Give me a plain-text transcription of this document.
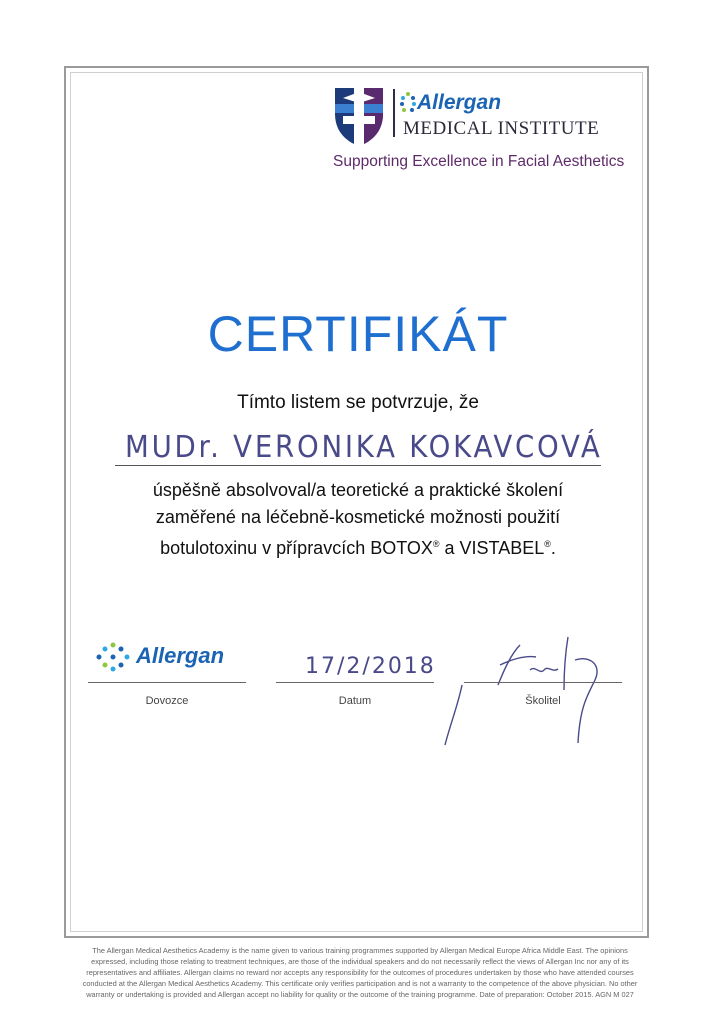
Allergan
MEDICAL INSTITUTE
Supporting Excellence in Facial Aesthetics
CERTIFIKÁT
Tímto listem se potvrzuje, že
MUDr. VERONIKA KOKAVCOVÁ
úspěšně absolvoval/a teoretické a praktické školení
zaměřené na léčebně-kosmetické možnosti použití
botulotoxinu v přípravcích BOTOX® a VISTABEL®.
Allergan
Dovozce
17/2/2018
Datum	Školitel
The Allergan Medical Aesthetics Academy is the name given to various training programmes supported by Allergan Medical Europe Africa Middle East. The opinions
expressed, including those relating to treatment techniques, are those of the individual speakers and do not necessarily reflect the views of Allergan Inc nor any of its
representatives and affiliates. Allergan claims no reward nor accepts any responsibility for the outcomes of procedures undertaken by those who have attended courses
conducted at the Allergan Medical Aesthetics Academy. This certificate only verifies participation and is not a warranty to the competence of the above physician. No other
warranty or undertaking is provided and Allergan accept no liability for quality or the outcome of the training programme. Date of preparation: October 2015. AGN M 027
